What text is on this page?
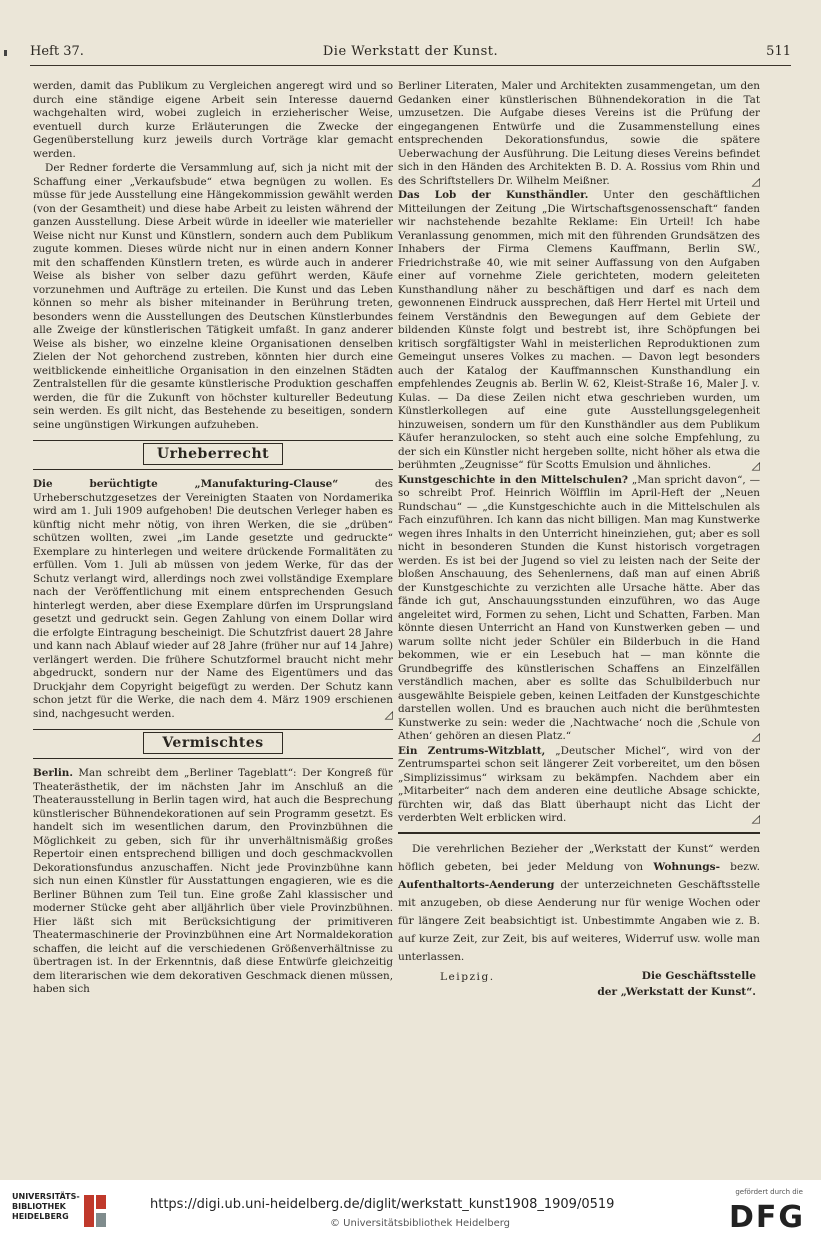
Heft 37.	Die Werkstatt der Kunst.	511

werden, damit das Publikum zu Vergleichen angeregt wird und so durch eine ständige eigene Arbeit sein Interesse dauernd wachgehalten wird, wobei zugleich in erzieherischer Weise, eventuell durch kurze Erläuterungen die Zwecke der Gegenüberstellung kurz jeweils durch Vorträge klar gemacht werden.

Der Redner forderte die Versammlung auf, sich ja nicht mit der Schaffung einer „Verkaufsbude“ etwa begnügen zu wollen. Es müsse für jede Ausstellung eine Hängekommission gewählt werden (von der Gesamtheit) und diese habe Arbeit zu leisten während der ganzen Ausstellung. Diese Arbeit würde in ideeller wie materieller Weise nicht nur Kunst und Künstlern, sondern auch dem Publikum zugute kommen. Dieses würde nicht nur in einen andern Konner mit den schaffenden Künstlern treten, es würde auch in anderer Weise als bisher von selber dazu geführt werden, Käufe vorzunehmen und Aufträge zu erteilen. Die Kunst und das Leben können so mehr als bisher miteinander in Berührung treten, besonders wenn die Ausstellungen des Deutschen Künstlerbundes alle Zweige der künstlerischen Tätigkeit umfaßt. In ganz anderer Weise als bisher, wo einzelne kleine Organisationen denselben Zielen der Not gehorchend zustreben, könnten hier durch eine weitblickende einheitliche Organisation in den einzelnen Städten Zentralstellen für die gesamte künstlerische Produktion geschaffen werden, die für die Zukunft von höchster kultureller Bedeutung sein werden. Es gilt nicht, das Bestehende zu beseitigen, sondern seine ungünstigen Wirkungen aufzuheben.

Urheberrecht

Die berüchtigte „Manufakturing-Clause“ des Urheberschutzgesetzes der Vereinigten Staaten von Nordamerika wird am 1. Juli 1909 aufgehoben! Die deutschen Verleger haben es künftig nicht mehr nötig, von ihren Werken, die sie „drüben“ schützen wollten, zwei „im Lande gesetzte und gedruckte“ Exemplare zu hinterlegen und weitere drückende Formalitäten zu erfüllen. Vom 1. Juli ab müssen von jedem Werke, für das der Schutz verlangt wird, allerdings noch zwei vollständige Exemplare nach der Veröffentlichung mit einem entsprechenden Gesuch hinterlegt werden, aber diese Exemplare dürfen im Ursprungsland gesetzt und gedruckt sein. Gegen Zahlung von einem Dollar wird die erfolgte Eintragung bescheinigt. Die Schutzfrist dauert 28 Jahre und kann nach Ablauf wieder auf 28 Jahre (früher nur auf 14 Jahre) verlängert werden. Die frühere Schutzformel braucht nicht mehr abgedruckt, sondern nur der Name des Eigentümers und das Druckjahr dem Copyright beigefügt zu werden. Der Schutz kann schon jetzt für die Werke, die nach dem 4. März 1909 erschienen sind, nachgesucht werden.	◿

Vermischtes

Berlin. Man schreibt dem „Berliner Tageblatt“: Der Kongreß für Theaterästhetik, der im nächsten Jahr im Anschluß an die Theaterausstellung in Berlin tagen wird, hat auch die Besprechung künstlerischer Bühnendekorationen auf sein Programm gesetzt. Es handelt sich im wesentlichen darum, den Provinzbühnen die Möglichkeit zu geben, sich für ihr unverhältnismäßig großes Repertoir einen entsprechend billigen und doch geschmackvollen Dekorationsfundus anzuschaffen. Nicht jede Provinzbühne kann sich nun einen Künstler für Ausstattungen engagieren, wie es die Berliner Bühnen zum Teil tun. Eine große Zahl klassischer und moderner Stücke geht aber alljährlich über viele Provinzbühnen. Hier läßt sich mit Berücksichtigung der primitiveren Theatermaschinerie der Provinzbühnen eine Art Normaldekoration schaffen, die leicht auf die verschiedenen Größenverhältnisse zu übertragen ist. In der Erkenntnis, daß diese Entwürfe gleichzeitig dem literarischen wie dem dekorativen Geschmack dienen müssen, haben sich

Berliner Literaten, Maler und Architekten zusammengetan, um den Gedanken einer künstlerischen Bühnendekoration in die Tat umzusetzen. Die Aufgabe dieses Vereins ist die Prüfung der eingegangenen Entwürfe und die Zusammenstellung eines entsprechenden Dekorationsfundus, sowie die spätere Ueberwachung der Ausführung. Die Leitung dieses Vereins befindet sich in den Händen des Architekten B. D. A. Rossius vom Rhin und des Schriftstellers Dr. Wilhelm Meißner.	◿

Das Lob der Kunsthändler. Unter den geschäftlichen Mitteilungen der Zeitung „Die Wirtschaftsgenossenschaft“ fanden wir nachstehende bezahlte Reklame: Ein Urteil! Ich habe Veranlassung genommen, mich mit den führenden Grundsätzen des Inhabers der Firma Clemens Kauffmann, Berlin SW., Friedrichstraße 40, wie mit seiner Auffassung von den Aufgaben einer auf vornehme Ziele gerichteten, modern geleiteten Kunsthandlung näher zu beschäftigen und darf es nach dem gewonnenen Eindruck aussprechen, daß Herr Hertel mit Urteil und feinem Verständnis den Bewegungen auf dem Gebiete der bildenden Künste folgt und bestrebt ist, ihre Schöpfungen bei kritisch sorgfältigster Wahl in meisterlichen Reproduktionen zum Gemeingut unseres Volkes zu machen. — Davon legt besonders auch der Katalog der Kauffmannschen Kunsthandlung ein empfehlendes Zeugnis ab. Berlin W. 62, Kleist-Straße 16, Maler J. v. Kulas. — Da diese Zeilen nicht etwa geschrieben wurden, um Künstlerkollegen auf eine gute Ausstellungsgelegenheit hinzuweisen, sondern um für den Kunsthändler aus dem Publikum Käufer heranzulocken, so steht auch eine solche Empfehlung, zu der sich ein Künstler nicht hergeben sollte, nicht höher als etwa die berühmten „Zeugnisse“ für Scotts Emulsion und ähnliches.	◿

Kunstgeschichte in den Mittelschulen? „Man spricht davon“, — so schreibt Prof. Heinrich Wölfflin im April-Heft der „Neuen Rundschau“ — „die Kunstgeschichte auch in die Mittelschulen als Fach einzuführen. Ich kann das nicht billigen. Man mag Kunstwerke wegen ihres Inhalts in den Unterricht hineinziehen, gut; aber es soll nicht in besonderen Stunden die Kunst historisch vorgetragen werden. Es ist bei der Jugend so viel zu leisten nach der Seite der bloßen Anschauung, des Sehenlernens, daß man auf einen Abriß der Kunstgeschichte zu verzichten alle Ursache hätte. Aber das fände ich gut, Anschauungsstunden einzuführen, wo das Auge angeleitet wird, Formen zu sehen, Licht und Schatten, Farben. Man könnte diesen Unterricht an Hand von Kunstwerken geben — und warum sollte nicht jeder Schüler ein Bilderbuch in die Hand bekommen, wie er ein Lesebuch hat — man könnte die Grundbegriffe des künstlerischen Schaffens an Einzelfällen verständlich machen, aber es sollte das Schulbilderbuch nur ausgewählte Beispiele geben, keinen Leitfaden der Kunstgeschichte darstellen wollen. Und es brauchen auch nicht die berühmtesten Kunstwerke zu sein: weder die ‚Nachtwache‘ noch die ‚Schule von Athen‘ gehören an diesen Platz.“	◿

Ein Zentrums-Witzblatt, „Deutscher Michel“, wird von der Zentrumspartei schon seit längerer Zeit vorbereitet, um den bösen „Simplizissimus“ wirksam zu bekämpfen. Nachdem aber ein „Mitarbeiter“ nach dem anderen eine deutliche Absage schickte, fürchten wir, daß das Blatt überhaupt nicht das Licht der verderbten Welt erblicken wird.	◿

Die verehrlichen Bezieher der „Werkstatt der Kunst“ werden höflich gebeten, bei jeder Meldung von Wohnungs- bezw. Aufenthaltorts-Aenderung der unterzeichneten Geschäftsstelle mit anzugeben, ob diese Aenderung nur für wenige Wochen oder für längere Zeit beabsichtigt ist. Unbestimmte Angaben wie z. B. auf kurze Zeit, zur Zeit, bis auf weiteres, Widerruf usw. wolle man unterlassen.

Leipzig.	Die Geschäftsstelle
der „Werkstatt der Kunst“.
UNIVERSITÄTS-
BIBLIOTHEK
HEIDELBERG
https://digi.ub.uni-heidelberg.de/diglit/werkstatt_kunst1908_1909/0519
© Universitätsbibliothek Heidelberg
gefördert durch die
DFG
